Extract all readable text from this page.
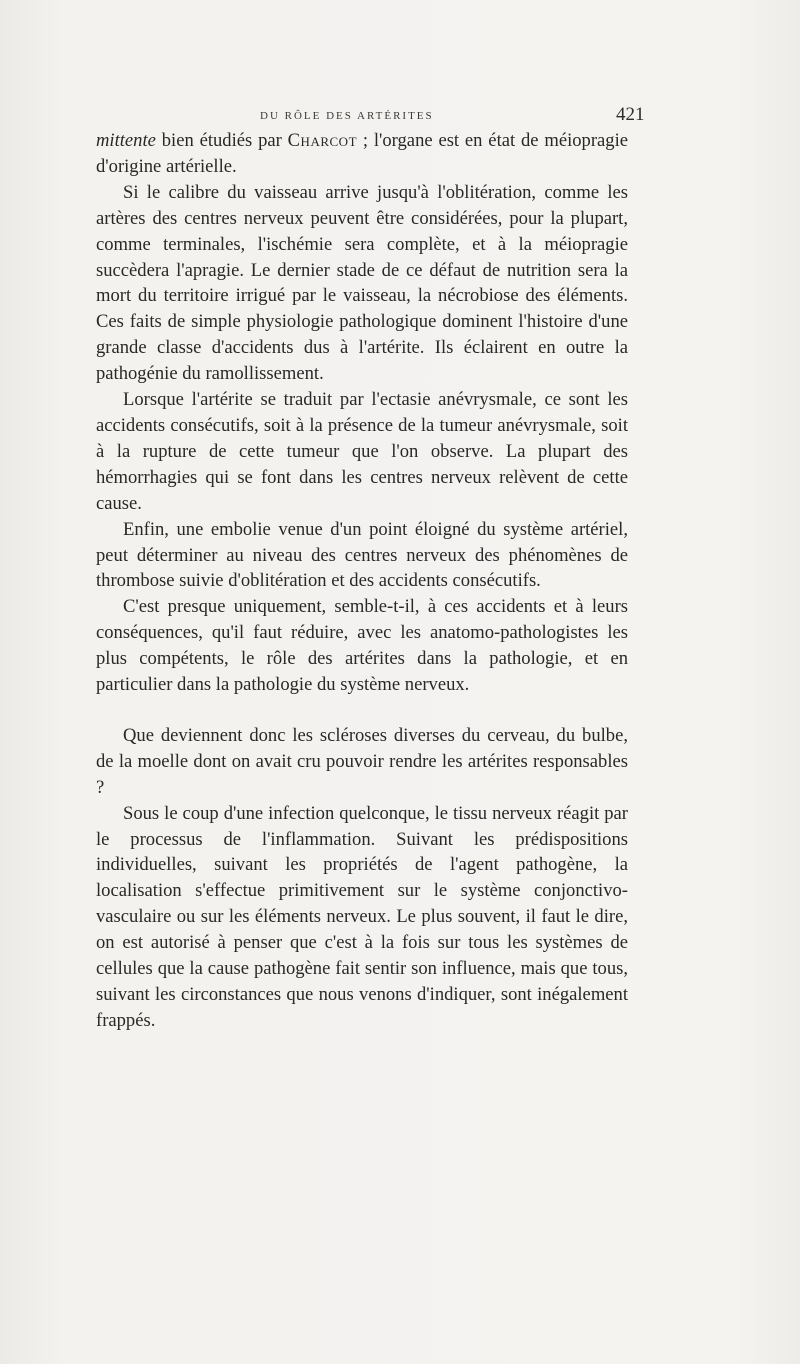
DU RÔLE DES ARTÉRITES	421

mittente bien étudiés par Charcot ; l'organe est en état de méiopragie d'origine artérielle.

Si le calibre du vaisseau arrive jusqu'à l'oblitération, comme les artères des centres nerveux peuvent être considérées, pour la plupart, comme terminales, l'ischémie sera complète, et à la méiopragie succèdera l'apragie. Le dernier stade de ce défaut de nutrition sera la mort du territoire irrigué par le vaisseau, la nécrobiose des éléments. Ces faits de simple physiologie pathologique dominent l'histoire d'une grande classe d'accidents dus à l'artérite. Ils éclairent en outre la pathogénie du ramollissement.

Lorsque l'artérite se traduit par l'ectasie anévrysmale, ce sont les accidents consécutifs, soit à la présence de la tumeur anévrysmale, soit à la rupture de cette tumeur que l'on observe. La plupart des hémorrhagies qui se font dans les centres nerveux relèvent de cette cause.

Enfin, une embolie venue d'un point éloigné du système artériel, peut déterminer au niveau des centres nerveux des phénomènes de thrombose suivie d'oblitération et des accidents consécutifs.

C'est presque uniquement, semble-t-il, à ces accidents et à leurs conséquences, qu'il faut réduire, avec les anatomo-pathologistes les plus compétents, le rôle des artérites dans la pathologie, et en particulier dans la pathologie du système nerveux.

Que deviennent donc les scléroses diverses du cerveau, du bulbe, de la moelle dont on avait cru pouvoir rendre les artérites responsables ?

Sous le coup d'une infection quelconque, le tissu nerveux réagit par le processus de l'inflammation. Suivant les prédispositions individuelles, suivant les propriétés de l'agent pathogène, la localisation s'effectue primitivement sur le système conjonctivo-vasculaire ou sur les éléments nerveux. Le plus souvent, il faut le dire, on est autorisé à penser que c'est à la fois sur tous les systèmes de cellules que la cause pathogène fait sentir son influence, mais que tous, suivant les circonstances que nous venons d'indiquer, sont inégalement frappés.
